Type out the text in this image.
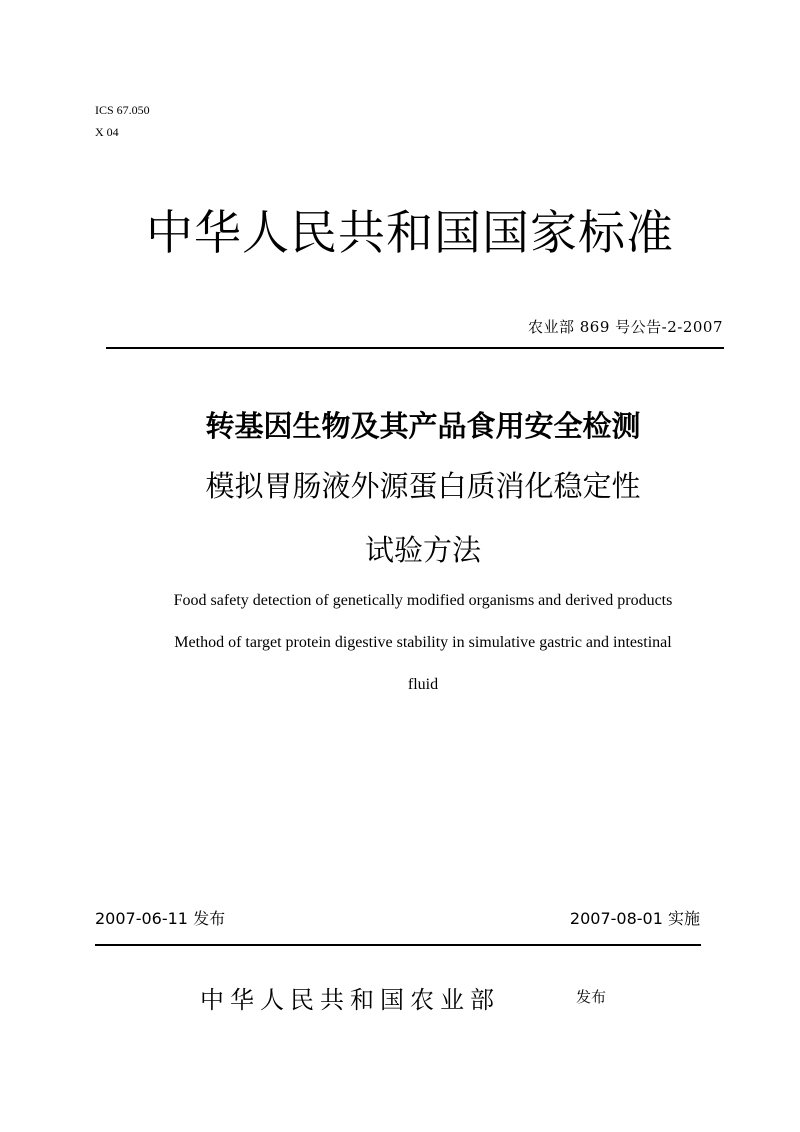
ICS 67.050
X 04
中华人民共和国国家标准
农业部 869 号公告-2-2007
转基因生物及其产品食用安全检测
模拟胃肠液外源蛋白质消化稳定性
试验方法
Food safety detection of genetically modified organisms and derived products
Method of target protein digestive stability in simulative gastric and intestinal
fluid
2007-06-11 发布	2007-08-01 实施
中华人民共和国农业部	发布
